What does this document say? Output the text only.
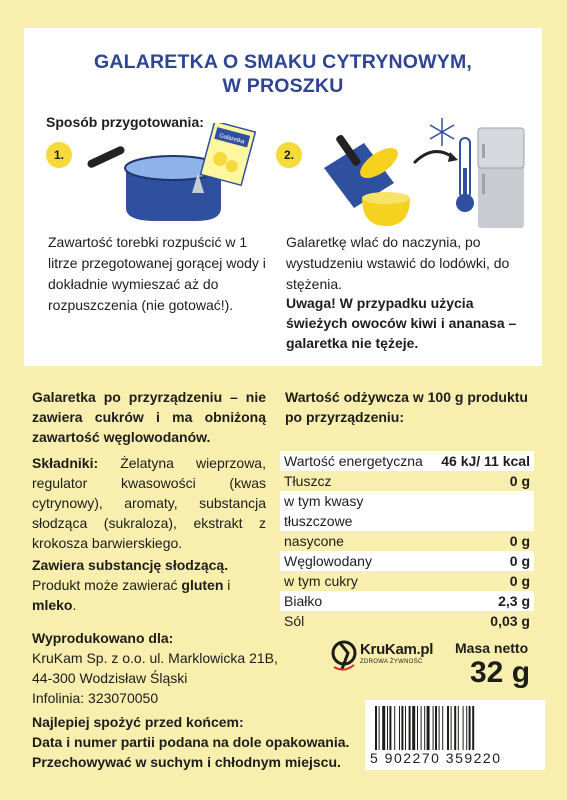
GALARETKA O SMAKU CYTRYNOWYM,
W PROSZKU
Sposób przygotowania:
1.	2.
Galaretka
Zawartość torebki rozpuścić w 1 litrze przegotowanej gorącej wody i dokładnie wymieszać aż do rozpuszczenia (nie gotować!).
Galaretkę wlać do naczynia, po wystudzeniu wstawić do lodówki, do stężenia.
Uwaga! W przypadku użycia świeżych owoców kiwi i ananasa – galaretka nie tężeje.
Galaretka po przyrządzeniu – nie zawiera cukrów i ma obniżoną zawartość węglowodanów.
Składniki: Żelatyna wieprzowa, regulator kwasowości (kwas cytrynowy), aromaty, substancja słodząca (sukraloza), ekstrakt z krokosza barwierskiego.
Zawiera substancję słodzącą. Produkt może zawierać gluten i mleko.
Wartość odżywcza w 100 g produktu po przyrządzeniu:
Wartość energetyczna	46 kJ/ 11 kcal
Tłuszcz	0 g
w tym kwasy tłuszczowe	
nasycone	0 g
Węglowodany	0 g
w tym cukry	0 g
Białko	2,3 g
Sól	0,03 g
Wyprodukowano dla:
KruKam Sp. z o.o. ul. Marklowicka 21B,
44-300 Wodzisław Śląski
Infolinia: 323070050
Najlepiej spożyć przed końcem:
Data i numer partii podana na dole opakowania.
Przechowywać w suchym i chłodnym miejscu.
KruKam.pl
ZDROWA ŻYWNOŚĆ
Masa netto
32 g
5 902270 359220
